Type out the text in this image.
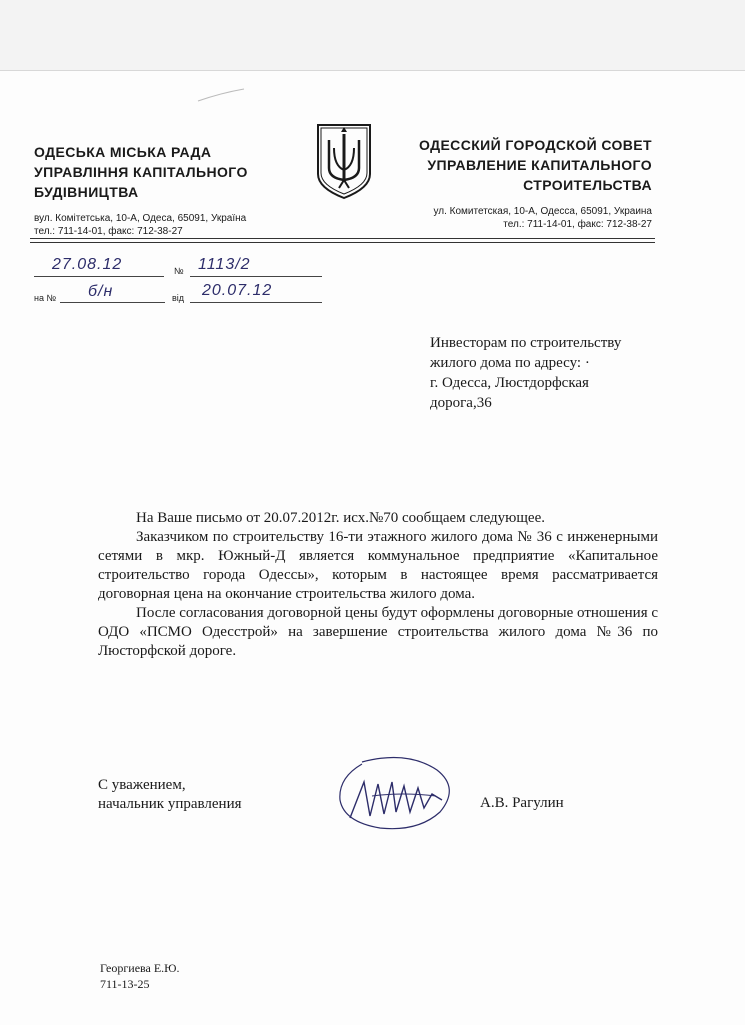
ОДЕСЬКА МІСЬКА РАДА
УПРАВЛІННЯ КАПІТАЛЬНОГО
БУДІВНИЦТВА
вул. Комітетська, 10-А, Одеса, 65091, Україна
тел.: 711-14-01, факс: 712-38-27
ОДЕССКИЙ ГОРОДСКОЙ СОВЕТ
УПРАВЛЕНИЕ КАПИТАЛЬНОГО
СТРОИТЕЛЬСТВА
ул. Комитетская, 10-А, Одесса, 65091, Украина
тел.: 711-14-01, факс: 712-38-27
27.08.12	№ 1113/2
на № б/н	від 20.07.12
Инвесторам по строительству
жилого дома по адресу: ·
г. Одесса, Люстдорфская
дорога,36

На Ваше письмо от 20.07.2012г. исх.№70 сообщаем следующее.

Заказчиком по строительству 16-ти этажного жилого дома № 36 с инженерными сетями в мкр. Южный-Д является коммунальное предприятие «Капитальное строительство города Одессы», которым в настоящее время рассматривается договорная цена на окончание строительства жилого дома.

После согласования договорной цены будут оформлены договорные отношения с ОДО «ПСМО Одесстрой» на завершение строительства жилого дома №36 по Люсторфской дороге.

С уважением,
начальник управления	А.В. Рагулин
Георгиева Е.Ю.
711-13-25
